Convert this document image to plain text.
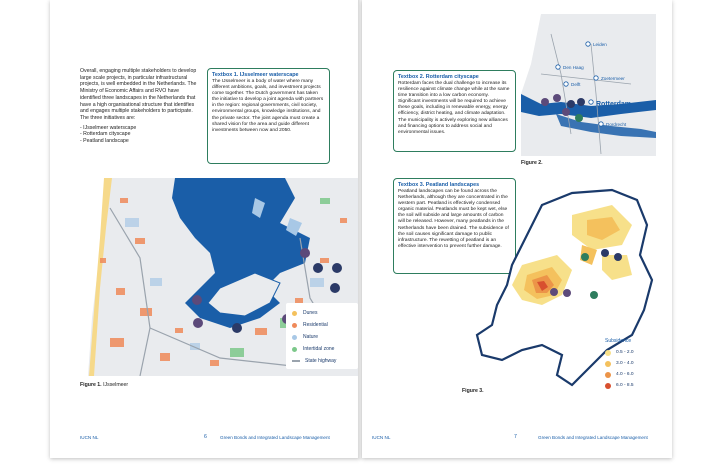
Overall, engaging multiple stakeholders to develop large scale projects, in particular infrastructural projects, is well embedded in the Netherlands. The Ministry of Economic Affairs and RVO have identified three landscapes in the Netherlands that have a high organisational structure that identifies and engages multiple stakeholders to participate. The three initiatives are:
- IJsselmeer waterscape
- Rotterdam cityscape
- Peatland landscape
Textbox 1. IJsselmeer waterscape
The IJsselmeer is a body of water where many different ambitions, goals, and investment projects come together. The Dutch government has taken the initiative to develop a joint agenda with partners in the region: regional governments, civil society, environmental groups, knowledge institutions, and the private sector. The joint agenda must create a shared vision for the area and guide different investments between now and 2050.
Dunes
Residential
Nature
Intertidal zone
State highway
Figure 1. IJsselmeer
IUCN NL	6	Green Bonds and Integrated Landscape Management
Textbox 2. Rotterdam cityscape
Rotterdam faces the dual challenge to increase its resilience against climate change while at the same time transition into a low carbon economy. Significant investments will be required to achieve these goals, including in renewable energy, energy efficiency, district heating, and climate adaptation. The municipality is actively exploring new alliances and financing options to address social and environmental issues.
Leiden
Den Haag
Zoetermeer
Delft
Rotterdam
Dordrecht
Figure 2.
Textbox 3. Peatland landscapes
Peatland landscapes can be found across the Netherlands, although they are concentrated in the western part. Peatland is effectively condensed organic material. Peatlands must be kept wet, else the soil will subside and large amounts of carbon will be released. However, many peatlands in the Netherlands have been drained. The subsidence of the soil causes significant damage to public infrastructure. The rewetting of peatland is an effective intervention to prevent further damage.
Subsidence
0.5 - 2.0
3.0 - 4.0
4.0 - 6.0
6.0 - 8.5
Figure 3.
IUCN NL	7	Green Bonds and Integrated Landscape Management
